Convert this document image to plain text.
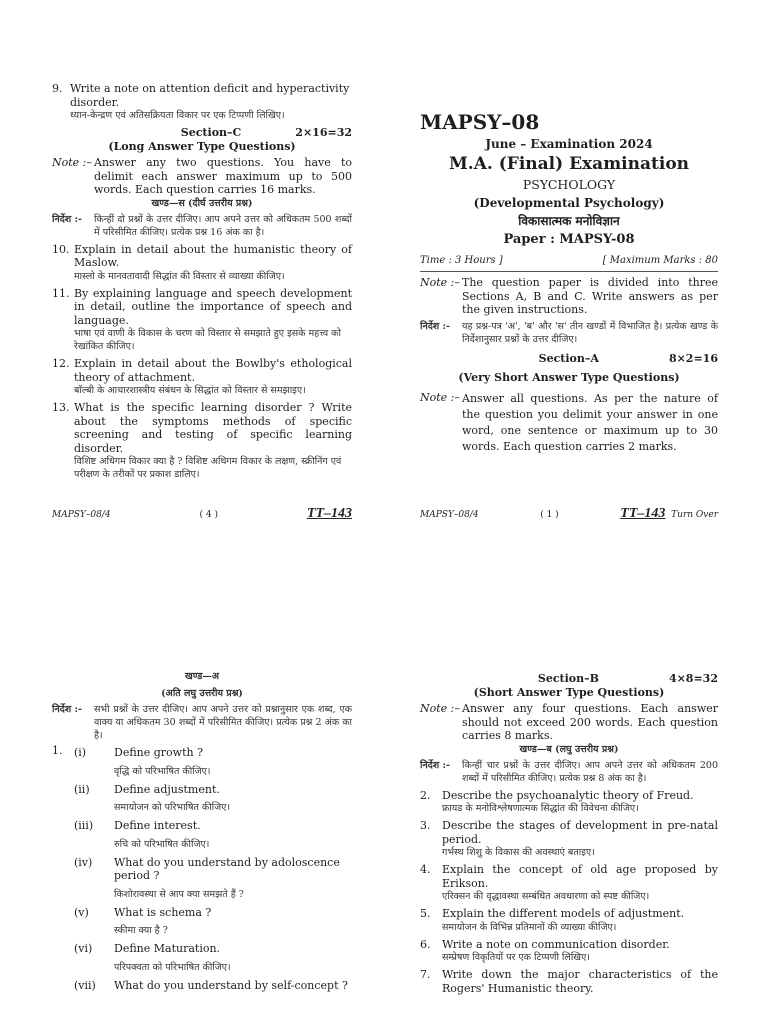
9. Write a note on attention deficit and hyperactivity disorder.
ध्यान-केन्द्रण एवं अतिसक्रियता विकार पर एक टिप्पणी लिखिए।
Section–C	2×16=32
(Long Answer Type Questions)
Note :– Answer any two questions. You have to delimit each answer maximum up to 500 words. Each question carries 16 marks.
खण्ड—स (दीर्घ उत्तरीय प्रश्न)
निर्देश :-	किन्हीं दो प्रश्नों के उत्तर दीजिए। आप अपने उत्तर को अधिकतम 500 शब्दों में परिसीमित कीजिए। प्रत्येक प्रश्न 16 अंक का है।
10. Explain in detail about the humanistic theory of Maslow.
मास्लो के मानवतावादी सिद्धांत की विस्तार से व्याख्या कीजिए।
11. By explaining language and speech development in detail, outline the importance of speech and language.
भाषा एवं वाणी के विकास के चरण को विस्तार से समझाते हुए इसके महत्त्व को रेखांकित कीजिए।
12. Explain in detail about the Bowlby's ethological theory of attachment.
बाॅल्बी के आचारशास्त्रीय संबंधन के सिद्धांत को विस्तार से समझाइए।
13. What is the specific learning disorder ? Write about the symptoms methods of specific screening and testing of specific learning disorder.
विशिष्ट अधिगम विकार क्या है ? विशिष्ट अधिगम विकार के लक्षण, स्क्रीनिंग एवं परीक्षण के तरीकों पर प्रकाश डालिए।
MAPSY–08/4	( 4 )	TT–143
MAPSY–08
June – Examination 2024
M.A. (Final) Examination
PSYCHOLOGY
(Developmental Psychology)
विकासात्मक मनोविज्ञान
Paper : MAPSY-08
Time : 3 Hours ]	[ Maximum Marks : 80
Note :– The question paper is divided into three Sections A, B and C. Write answers as per the given instructions.
निर्देश :-	यह प्रश्न-पत्र 'अ', 'ब' और 'स' तीन खण्डों में विभाजित है। प्रत्येक खण्ड के निर्देशानुसार प्रश्नों के उत्तर दीजिए।
Section–A	8×2=16
(Very Short Answer Type Questions)
Note :– Answer all questions. As per the nature of the question you delimit your answer in one word, one sentence or maximum up to 30 words. Each question carries 2 marks.
MAPSY–08/4	( 1 )	TT–143 Turn Over
खण्ड—अ
(अति लघु उत्तरीय प्रश्न)
निर्देश :-	सभी प्रश्नों के उत्तर दीजिए। आप अपने उत्तर को प्रश्नानुसार एक शब्द, एक वाक्य या अधिकतम 30 शब्दों में परिसीमित कीजिए। प्रत्येक प्रश्न 2 अंक का है।
1.	(i)	Define growth ?
वृद्धि को परिभाषित कीजिए।
(ii)	Define adjustment.
समायोजन को परिभाषित कीजिए।
(iii)	Define interest.
रुचि को परिभाषित कीजिए।
(iv)	What do you understand by adoloscence period ?
किशोरावस्था से आप क्या समझते हैं ?
(v)	What is schema ?
स्कीमा क्या है ?
(vi)	Define Maturation.
परिपक्वता को परिभाषित कीजिए।
(vii)	What do you understand by self-concept ?
Section–B	4×8=32
(Short Answer Type Questions)
Note :– Answer any four questions. Each answer should not exceed 200 words. Each question carries 8 marks.
खण्ड—ब (लघु उत्तरीय प्रश्न)
निर्देश :-	किन्हीं चार प्रश्नों के उत्तर दीजिए। आप अपने उत्तर को अधिकतम 200 शब्दों में परिसीमित कीजिए। प्रत्येक प्रश्न 8 अंक का है।
2.	Describe the psychoanalytic theory of Freud.
फ्रायड के मनोविश्लेषणात्मक सिद्धांत की विवेचना कीजिए।
3.	Describe the stages of development in pre-natal period.
गर्भस्थ शिशु के विकास की अवस्थाएं बताइए।
4.	Explain the concept of old age proposed by Erikson.
एरिक्सन की वृद्धावस्था सम्बंधित अवधारणा को स्पष्ट कीजिए।
5.	Explain the different models of adjustment.
समायोजन के विभिन्न प्रतिमानों की व्याख्या कीजिए।
6.	Write a note on communication disorder.
सम्प्रेषण विकृतियों पर एक टिप्पणी लिखिए।
7.	Write down the major characteristics of the Rogers' Humanistic theory.
